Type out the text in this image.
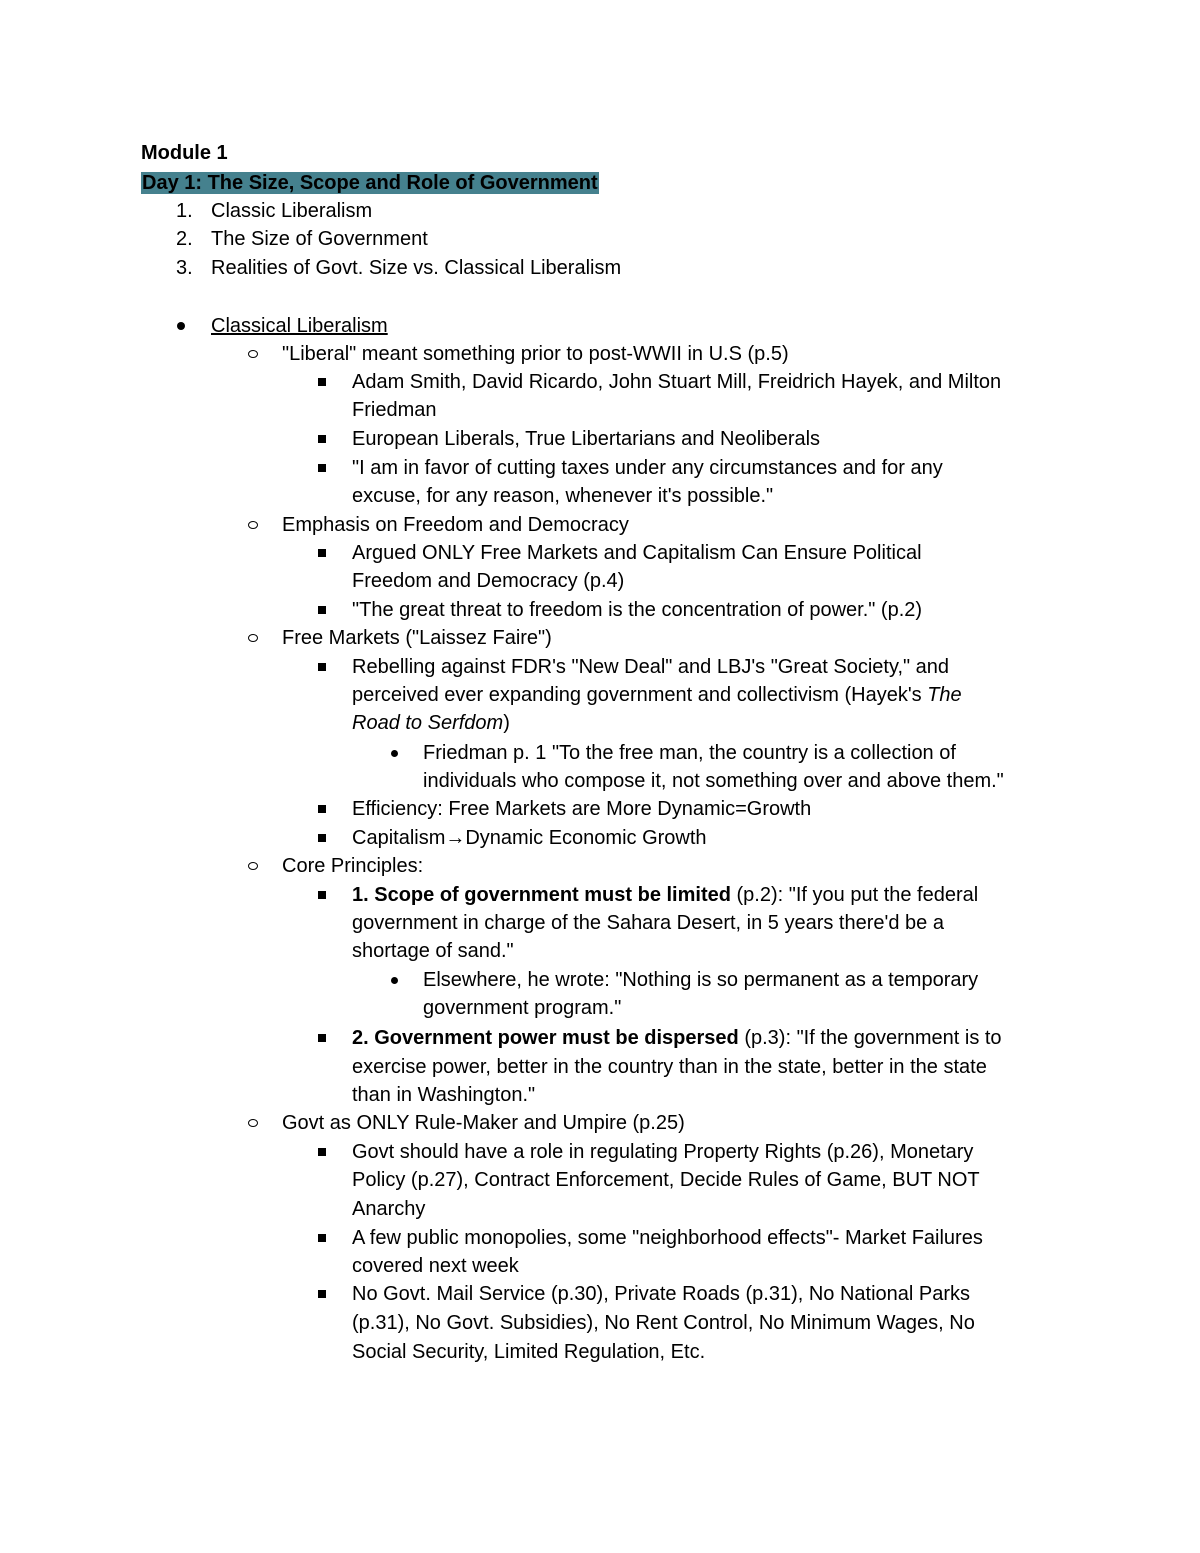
Module 1
Day 1: The Size, Scope and Role of Government
1. Classic Liberalism
2. The Size of Government
3. Realities of Govt. Size vs. Classical Liberalism
Classical Liberalism
"Liberal" meant something prior to post-WWII in U.S (p.5)
Adam Smith, David Ricardo, John Stuart Mill, Freidrich Hayek, and Milton
Friedman
European Liberals, True Libertarians and Neoliberals
"I am in favor of cutting taxes under any circumstances and for any
excuse, for any reason, whenever it's possible."
Emphasis on Freedom and Democracy
Argued ONLY Free Markets and Capitalism Can Ensure Political
Freedom and Democracy (p.4)
"The great threat to freedom is the concentration of power." (p.2)
Free Markets ("Laissez Faire")
Rebelling against FDR's "New Deal" and LBJ's "Great Society," and
perceived ever expanding government and collectivism (Hayek's The
Road to Serfdom)
Friedman p. 1 "To the free man, the country is a collection of
individuals who compose it, not something over and above them."
Efficiency: Free Markets are More Dynamic=Growth
Capitalism→Dynamic Economic Growth
Core Principles:
1. Scope of government must be limited (p.2): "If you put the federal
government in charge of the Sahara Desert, in 5 years there'd be a
shortage of sand."
Elsewhere, he wrote: "Nothing is so permanent as a temporary
government program."
2. Government power must be dispersed (p.3): "If the government is to
exercise power, better in the country than in the state, better in the state
than in Washington."
Govt as ONLY Rule-Maker and Umpire (p.25)
Govt should have a role in regulating Property Rights (p.26), Monetary
Policy (p.27), Contract Enforcement, Decide Rules of Game, BUT NOT
Anarchy
A few public monopolies, some "neighborhood effects"- Market Failures
covered next week
No Govt. Mail Service (p.30), Private Roads (p.31), No National Parks
(p.31), No Govt. Subsidies), No Rent Control, No Minimum Wages, No
Social Security, Limited Regulation, Etc.
